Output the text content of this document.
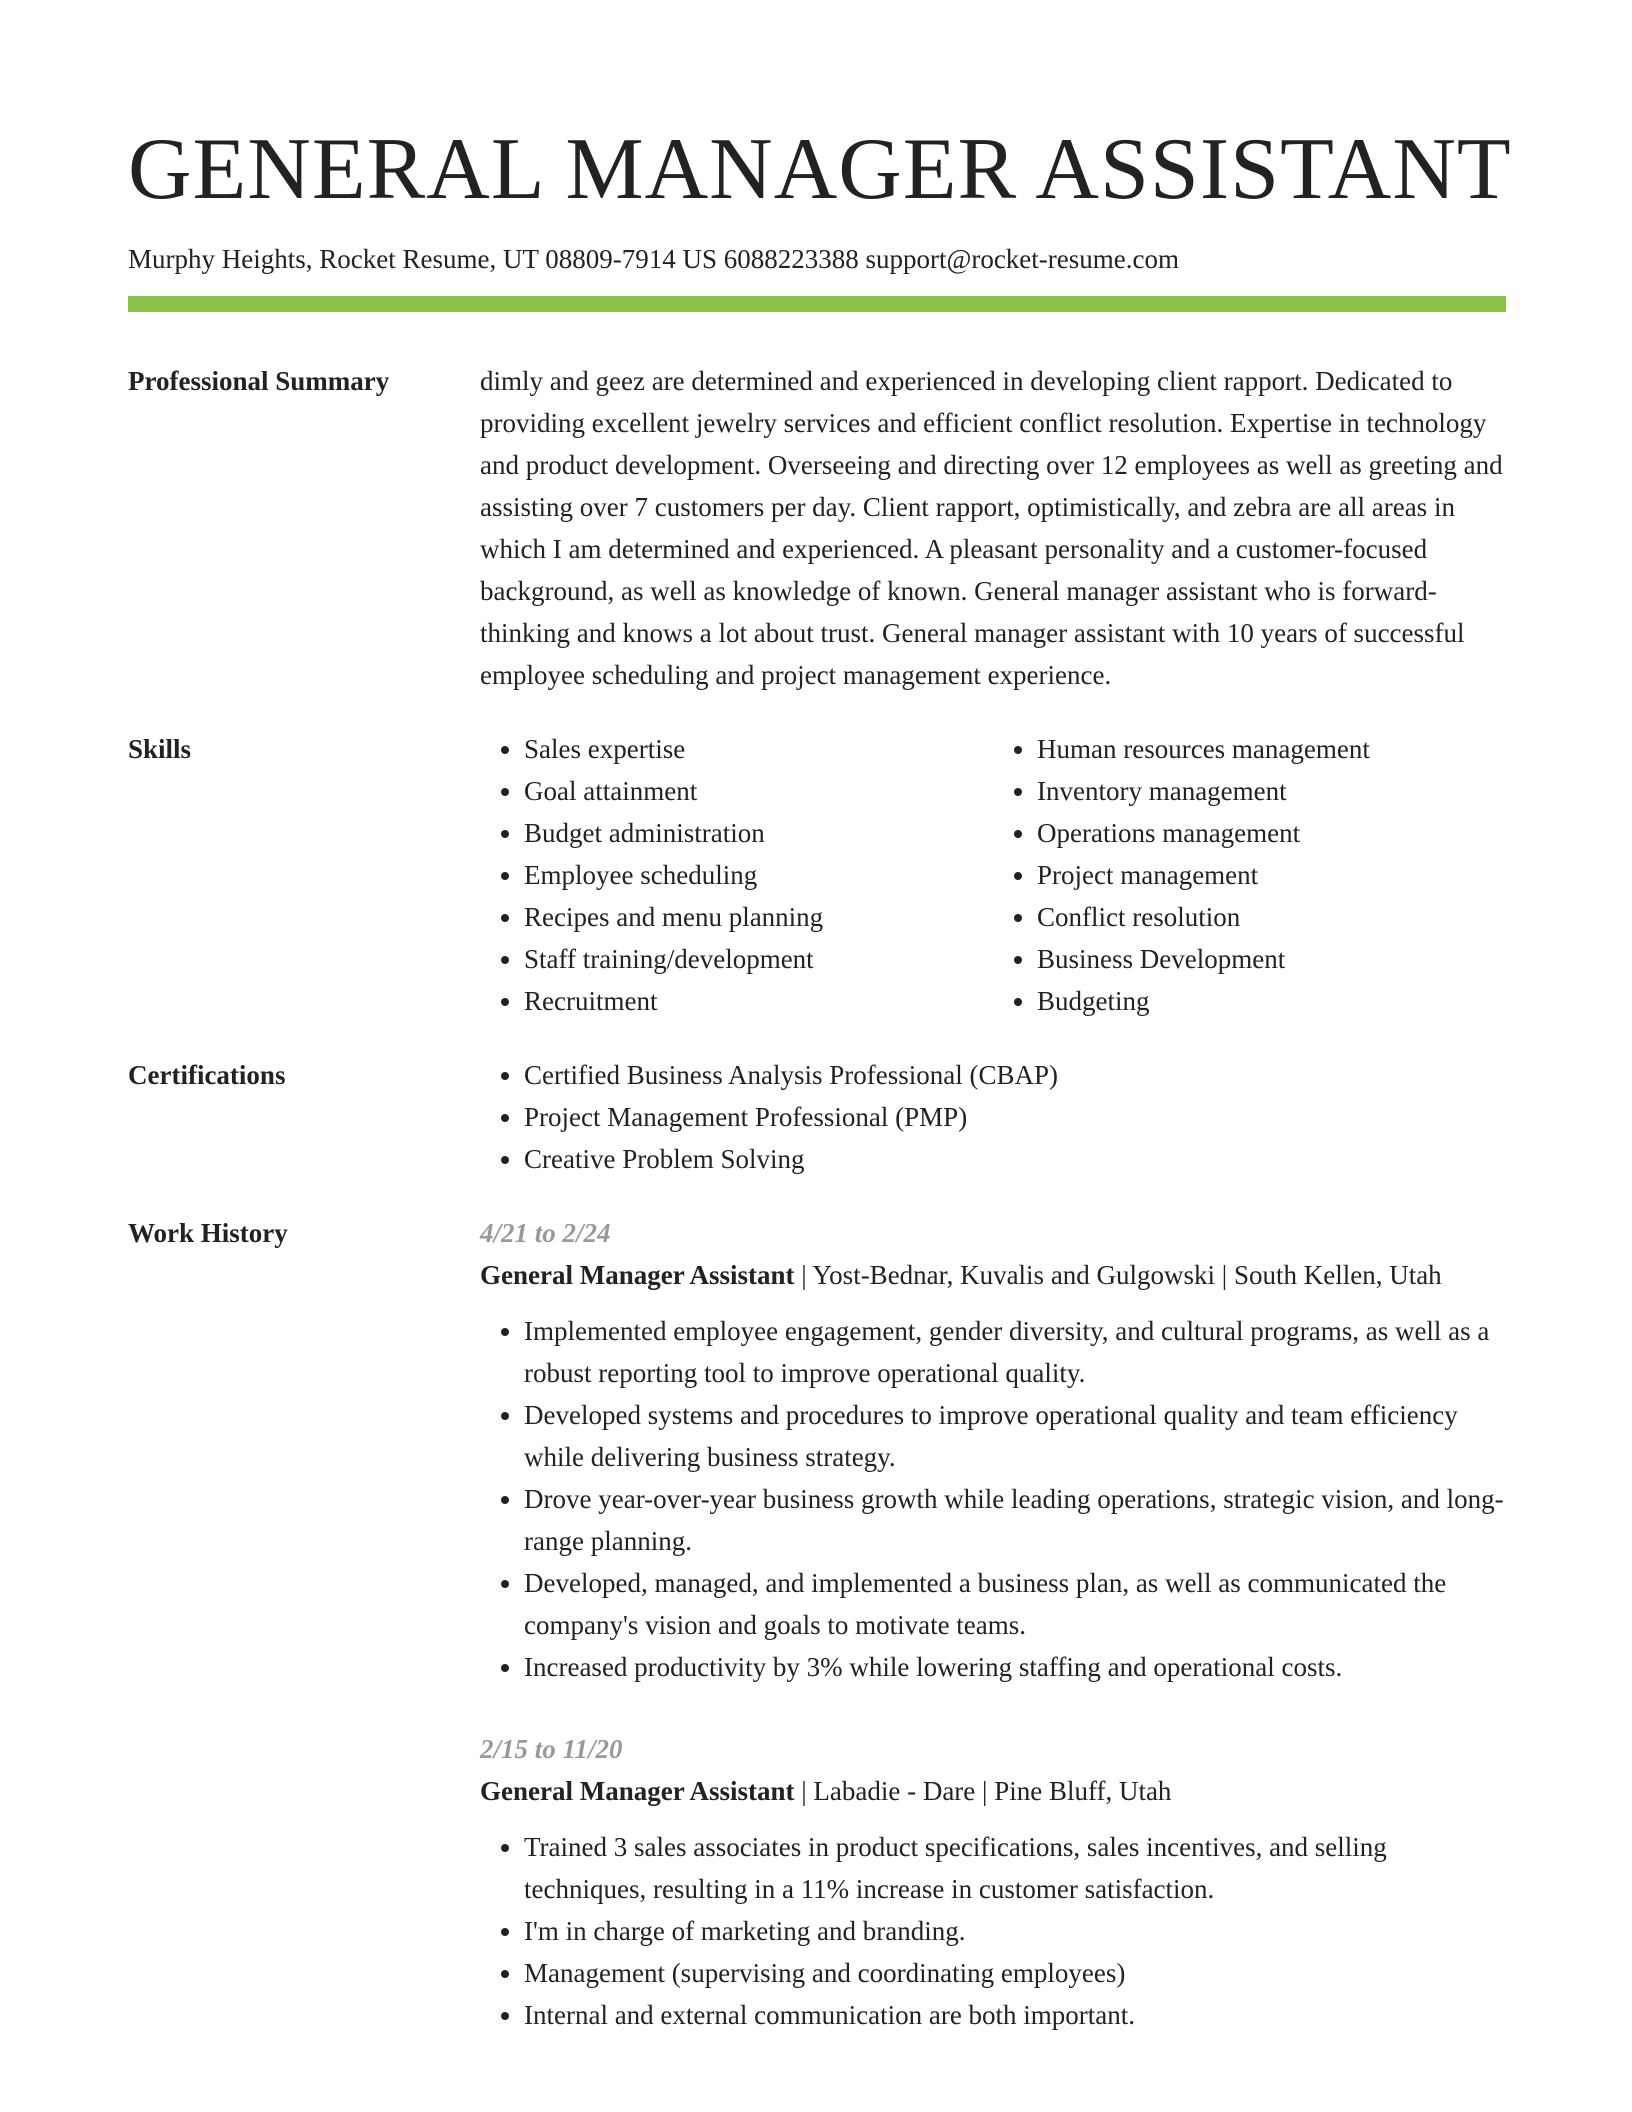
GENERAL MANAGER ASSISTANT
Murphy Heights, Rocket Resume, UT 08809-7914 US 6088223388 support@rocket-resume.com
Professional Summary	dimly and geez are determined and experienced in developing client rapport. Dedicated to providing excellent jewelry services and efficient conflict resolution. Expertise in technology and product development. Overseeing and directing over 12 employees as well as greeting and assisting over 7 customers per day. Client rapport, optimistically, and zebra are all areas in which I am determined and experienced. A pleasant personality and a customer-focused background, as well as knowledge of known. General manager assistant who is forward-thinking and knows a lot about trust. General manager assistant with 10 years of successful employee scheduling and project management experience.

Skills	• Sales expertise
• Goal attainment
• Budget administration
• Employee scheduling
• Recipes and menu planning
• Staff training/development
• Recruitment
• Human resources management
• Inventory management
• Operations management
• Project management
• Conflict resolution
• Business Development
• Budgeting
Certifications	• Certified Business Analysis Professional (CBAP)
• Project Management Professional (PMP)
• Creative Problem Solving
Work History	4/21 to 2/24
General Manager Assistant | Yost-Bednar, Kuvalis and Gulgowski | South Kellen, Utah
• Implemented employee engagement, gender diversity, and cultural programs, as well as a robust reporting tool to improve operational quality.
• Developed systems and procedures to improve operational quality and team efficiency while delivering business strategy.
• Drove year-over-year business growth while leading operations, strategic vision, and long-range planning.
• Developed, managed, and implemented a business plan, as well as communicated the company's vision and goals to motivate teams.
• Increased productivity by 3% while lowering staffing and operational costs.
2/15 to 11/20
General Manager Assistant | Labadie - Dare | Pine Bluff, Utah
• Trained 3 sales associates in product specifications, sales incentives, and selling techniques, resulting in a 11% increase in customer satisfaction.
• I'm in charge of marketing and branding.
• Management (supervising and coordinating employees)
• Internal and external communication are both important.
